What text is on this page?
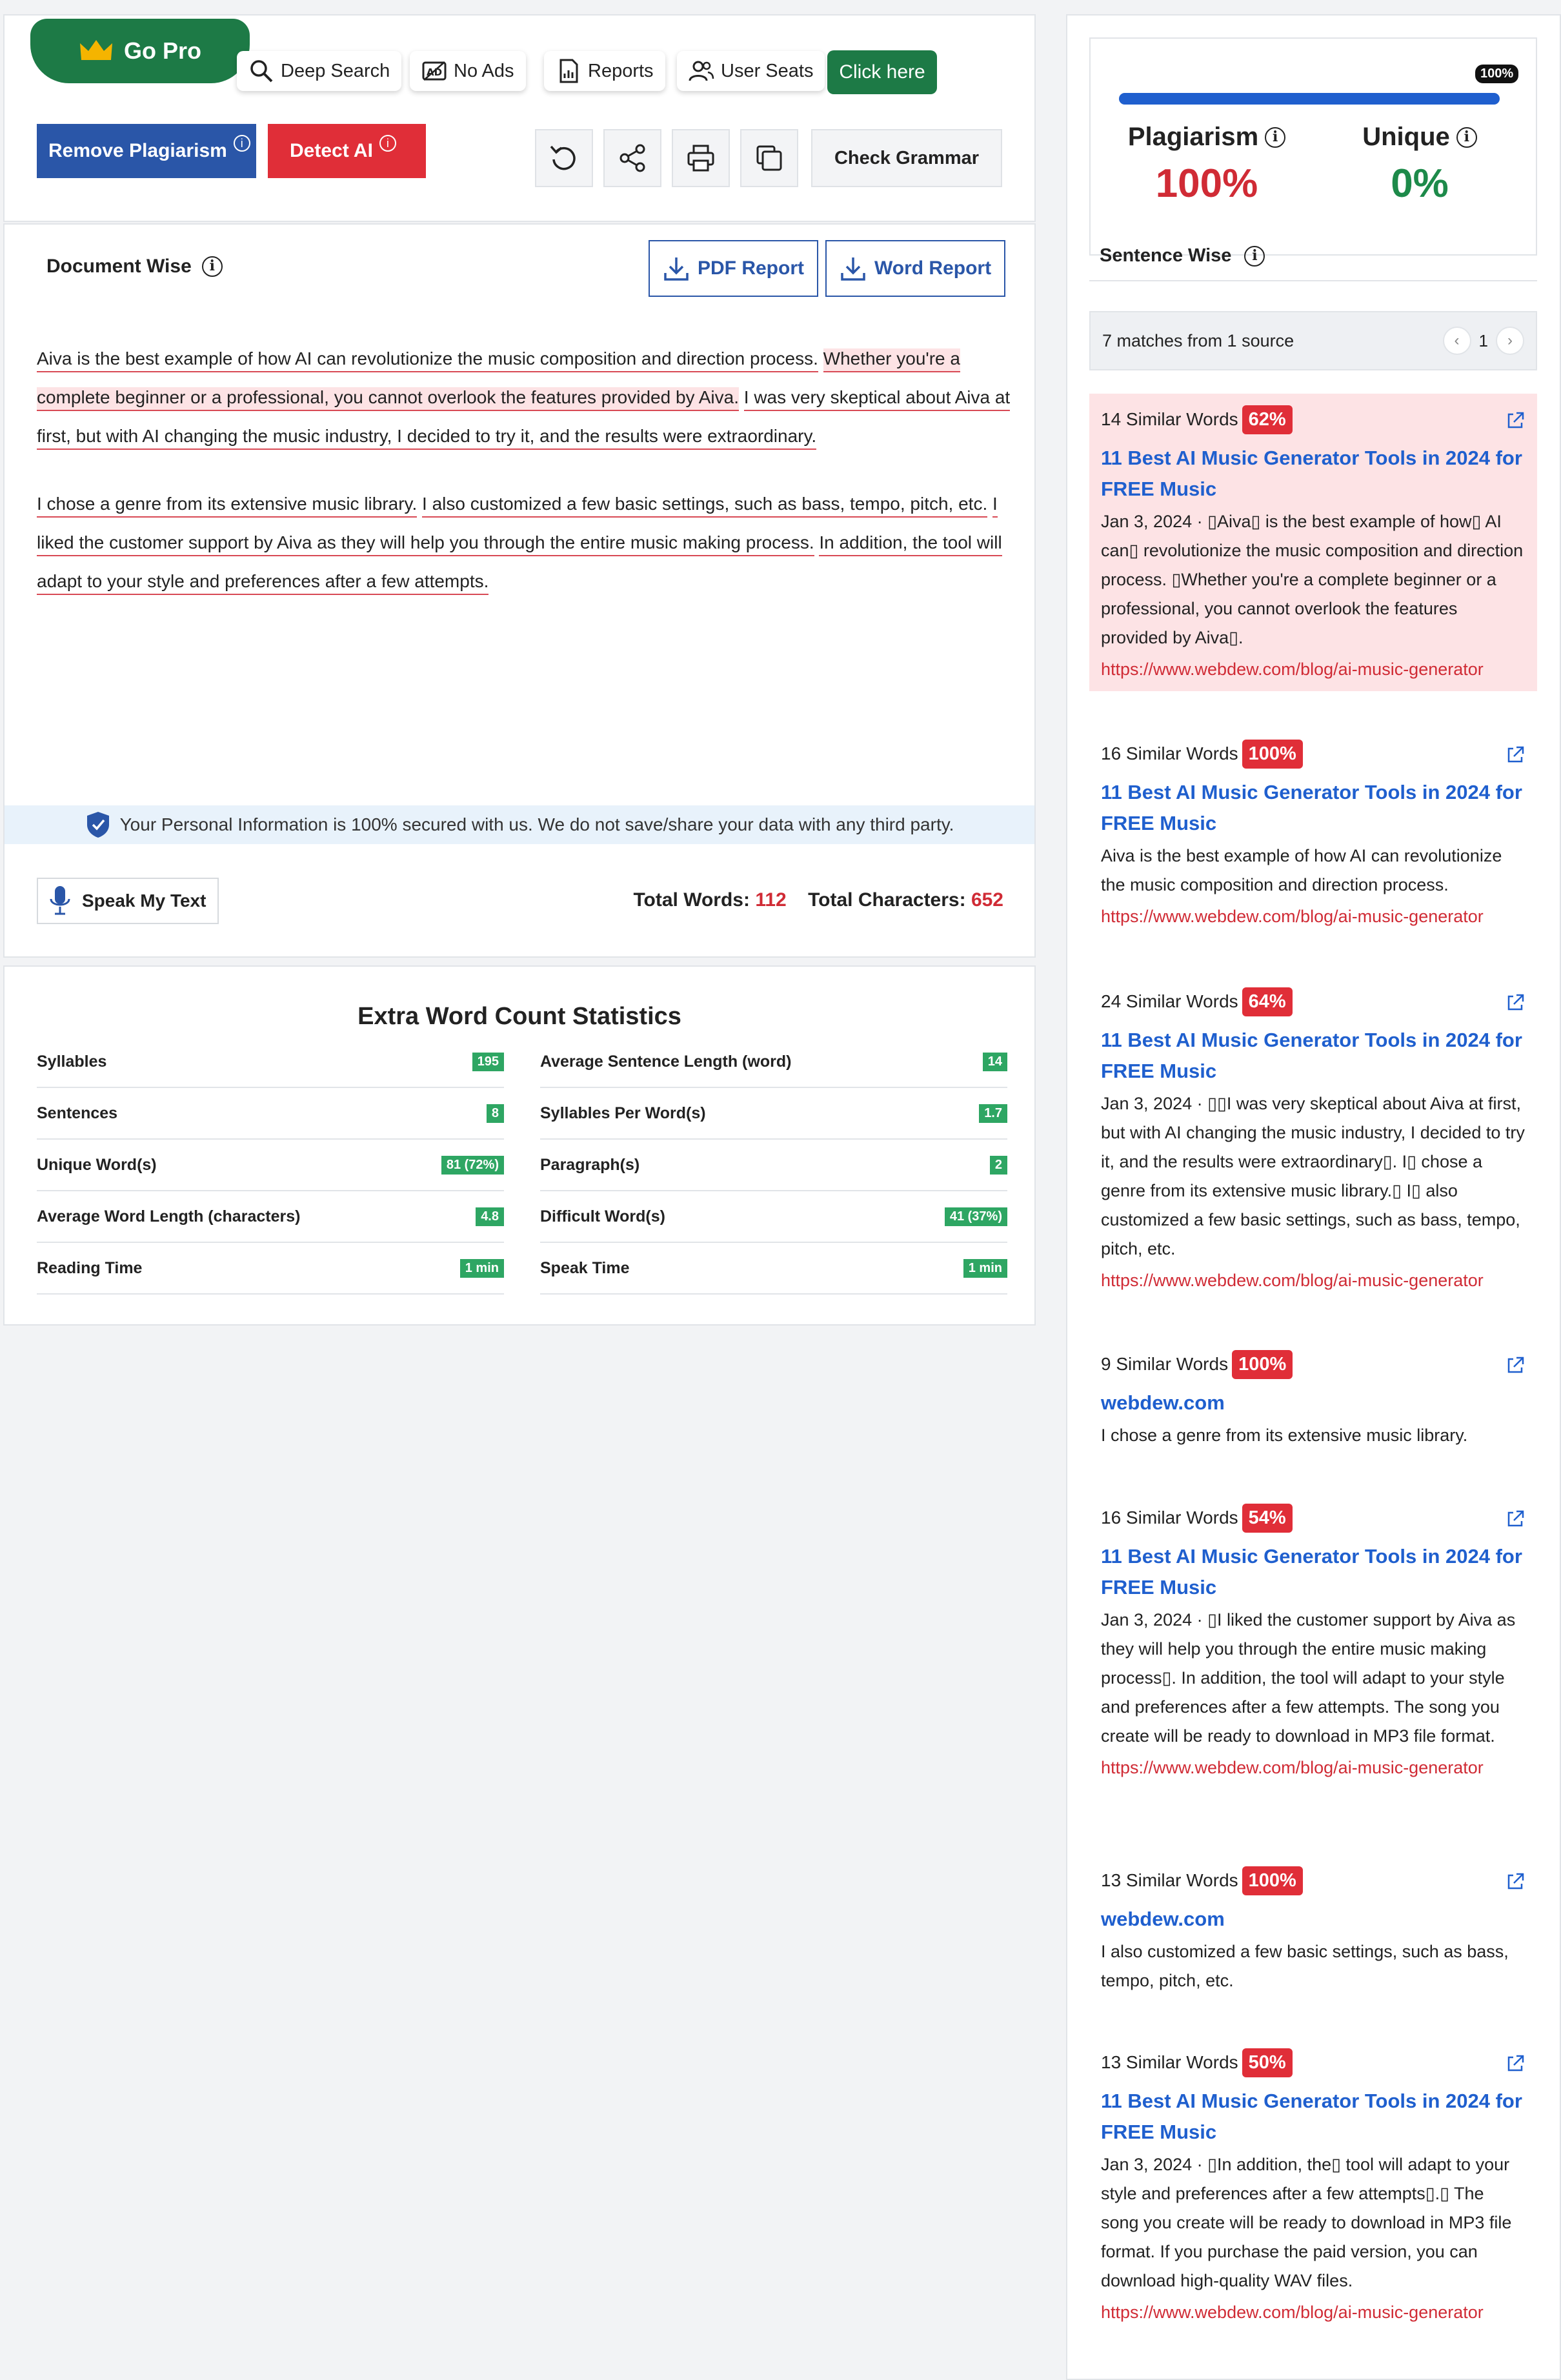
Go Pro
Deep Search	AD No Ads	Reports	User Seats	Click here
Remove Plagiarism	i	Detect AI	i
Check Grammar
Document Wise	i	PDF Report	Word Report

Aiva is the best example of how AI can revolutionize the music composition and direction process. Whether you're a complete beginner or a professional, you cannot overlook the features provided by Aiva. I was very skeptical about Aiva at first, but with AI changing the music industry, I decided to try it, and the results were extraordinary.

I chose a genre from its extensive music library. I also customized a few basic settings, such as bass, tempo, pitch, etc. I liked the customer support by Aiva as they will help you through the entire music making process. In addition, the tool will adapt to your style and preferences after a few attempts.

Your Personal Information is 100% secured with us. We do not save/share your data with any third party.
Speak My Text	Total Words: 112 Total Characters: 652
Extra Word Count Statistics
Syllables	195
Sentences	8
Unique Word(s)	81 (72%)
Average Word Length (characters)	4.8
Reading Time	1 min
Average Sentence Length (word)	14
Syllables Per Word(s)	1.7
Paragraph(s)	2
Difficult Word(s)	41 (37%)
Speak Time	1 min
100%
Plagiarism i
100%
Unique i
0%
Sentence Wise	i
7 matches from 1 source	‹	1	›
14 Similar Words 62%
11 Best AI Music Generator Tools in 2024 for FREE Music
Jan 3, 2024 · ▯Aiva▯ is the best example of how▯ AI can▯ revolutionize the music composition and direction process. ▯Whether you're a complete beginner or a professional, you cannot overlook the features provided by Aiva▯.
https://www.webdew.com/blog/ai-music-generator
16 Similar Words 100%
11 Best AI Music Generator Tools in 2024 for FREE Music
Aiva is the best example of how AI can revolutionize the music composition and direction process.
https://www.webdew.com/blog/ai-music-generator
24 Similar Words 64%
11 Best AI Music Generator Tools in 2024 for FREE Music
Jan 3, 2024 · ▯▯I was very skeptical about Aiva at first, but with AI changing the music industry, I decided to try it, and the results were extraordinary▯. I▯ chose a genre from its extensive music library.▯ I▯ also customized a few basic settings, such as bass, tempo, pitch, etc.
https://www.webdew.com/blog/ai-music-generator
9 Similar Words 100%
webdew.com
I chose a genre from its extensive music library.
16 Similar Words 54%
11 Best AI Music Generator Tools in 2024 for FREE Music
Jan 3, 2024 · ▯I liked the customer support by Aiva as they will help you through the entire music making process▯. In addition, the tool will adapt to your style and preferences after a few attempts. The song you create will be ready to download in MP3 file format.
https://www.webdew.com/blog/ai-music-generator
13 Similar Words 100%
webdew.com
I also customized a few basic settings, such as bass, tempo, pitch, etc.
13 Similar Words 50%
11 Best AI Music Generator Tools in 2024 for FREE Music
Jan 3, 2024 · ▯In addition, the▯ tool will adapt to your style and preferences after a few attempts▯.▯ The song you create will be ready to download in MP3 file format. If you purchase the paid version, you can download high-quality WAV files.
https://www.webdew.com/blog/ai-music-generator
